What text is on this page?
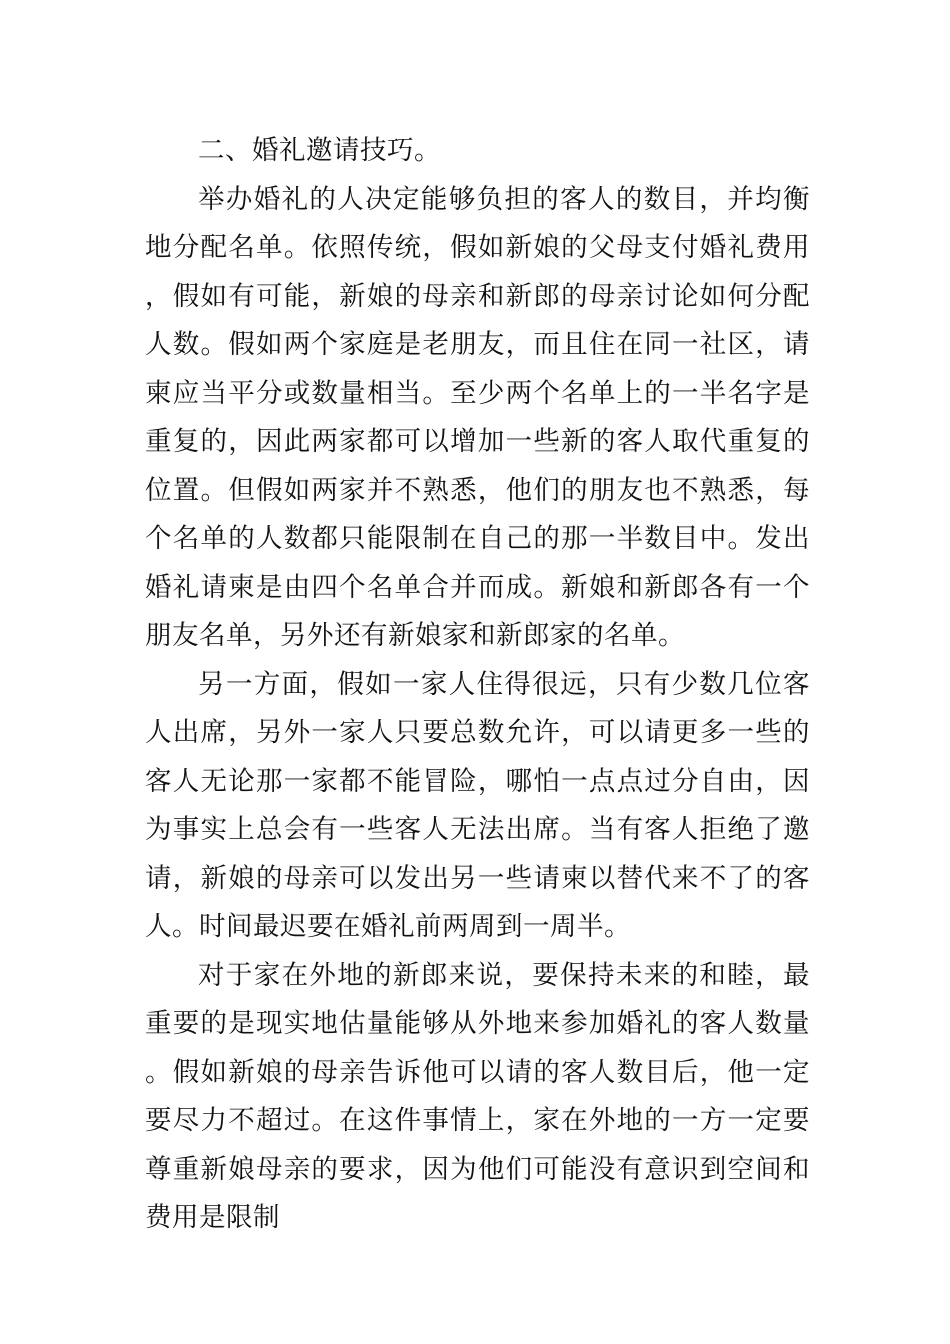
二、婚礼邀请技巧。

举办婚礼的人决定能够负担的客人的数目，并均衡地分配名单。依照传统，假如新娘的父母支付婚礼费用，假如有可能，新娘的母亲和新郎的母亲讨论如何分配人数。假如两个家庭是老朋友，而且住在同一社区，请柬应当平分或数量相当。至少两个名单上的一半名字是重复的，因此两家都可以增加一些新的客人取代重复的位置。但假如两家并不熟悉，他们的朋友也不熟悉，每个名单的人数都只能限制在自己的那一半数目中。发出婚礼请柬是由四个名单合并而成。新娘和新郎各有一个朋友名单，另外还有新娘家和新郎家的名单。

另一方面，假如一家人住得很远，只有少数几位客人出席，另外一家人只要总数允许，可以请更多一些的客人无论那一家都不能冒险，哪怕一点点过分自由，因为事实上总会有一些客人无法出席。当有客人拒绝了邀请，新娘的母亲可以发出另一些请柬以替代来不了的客人。时间最迟要在婚礼前两周到一周半。

对于家在外地的新郎来说，要保持未来的和睦，最重要的是现实地估量能够从外地来参加婚礼的客人数量。假如新娘的母亲告诉他可以请的客人数目后，他一定要尽力不超过。在这件事情上，家在外地的一方一定要尊重新娘母亲的要求，因为他们可能没有意识到空间和费用是限制
